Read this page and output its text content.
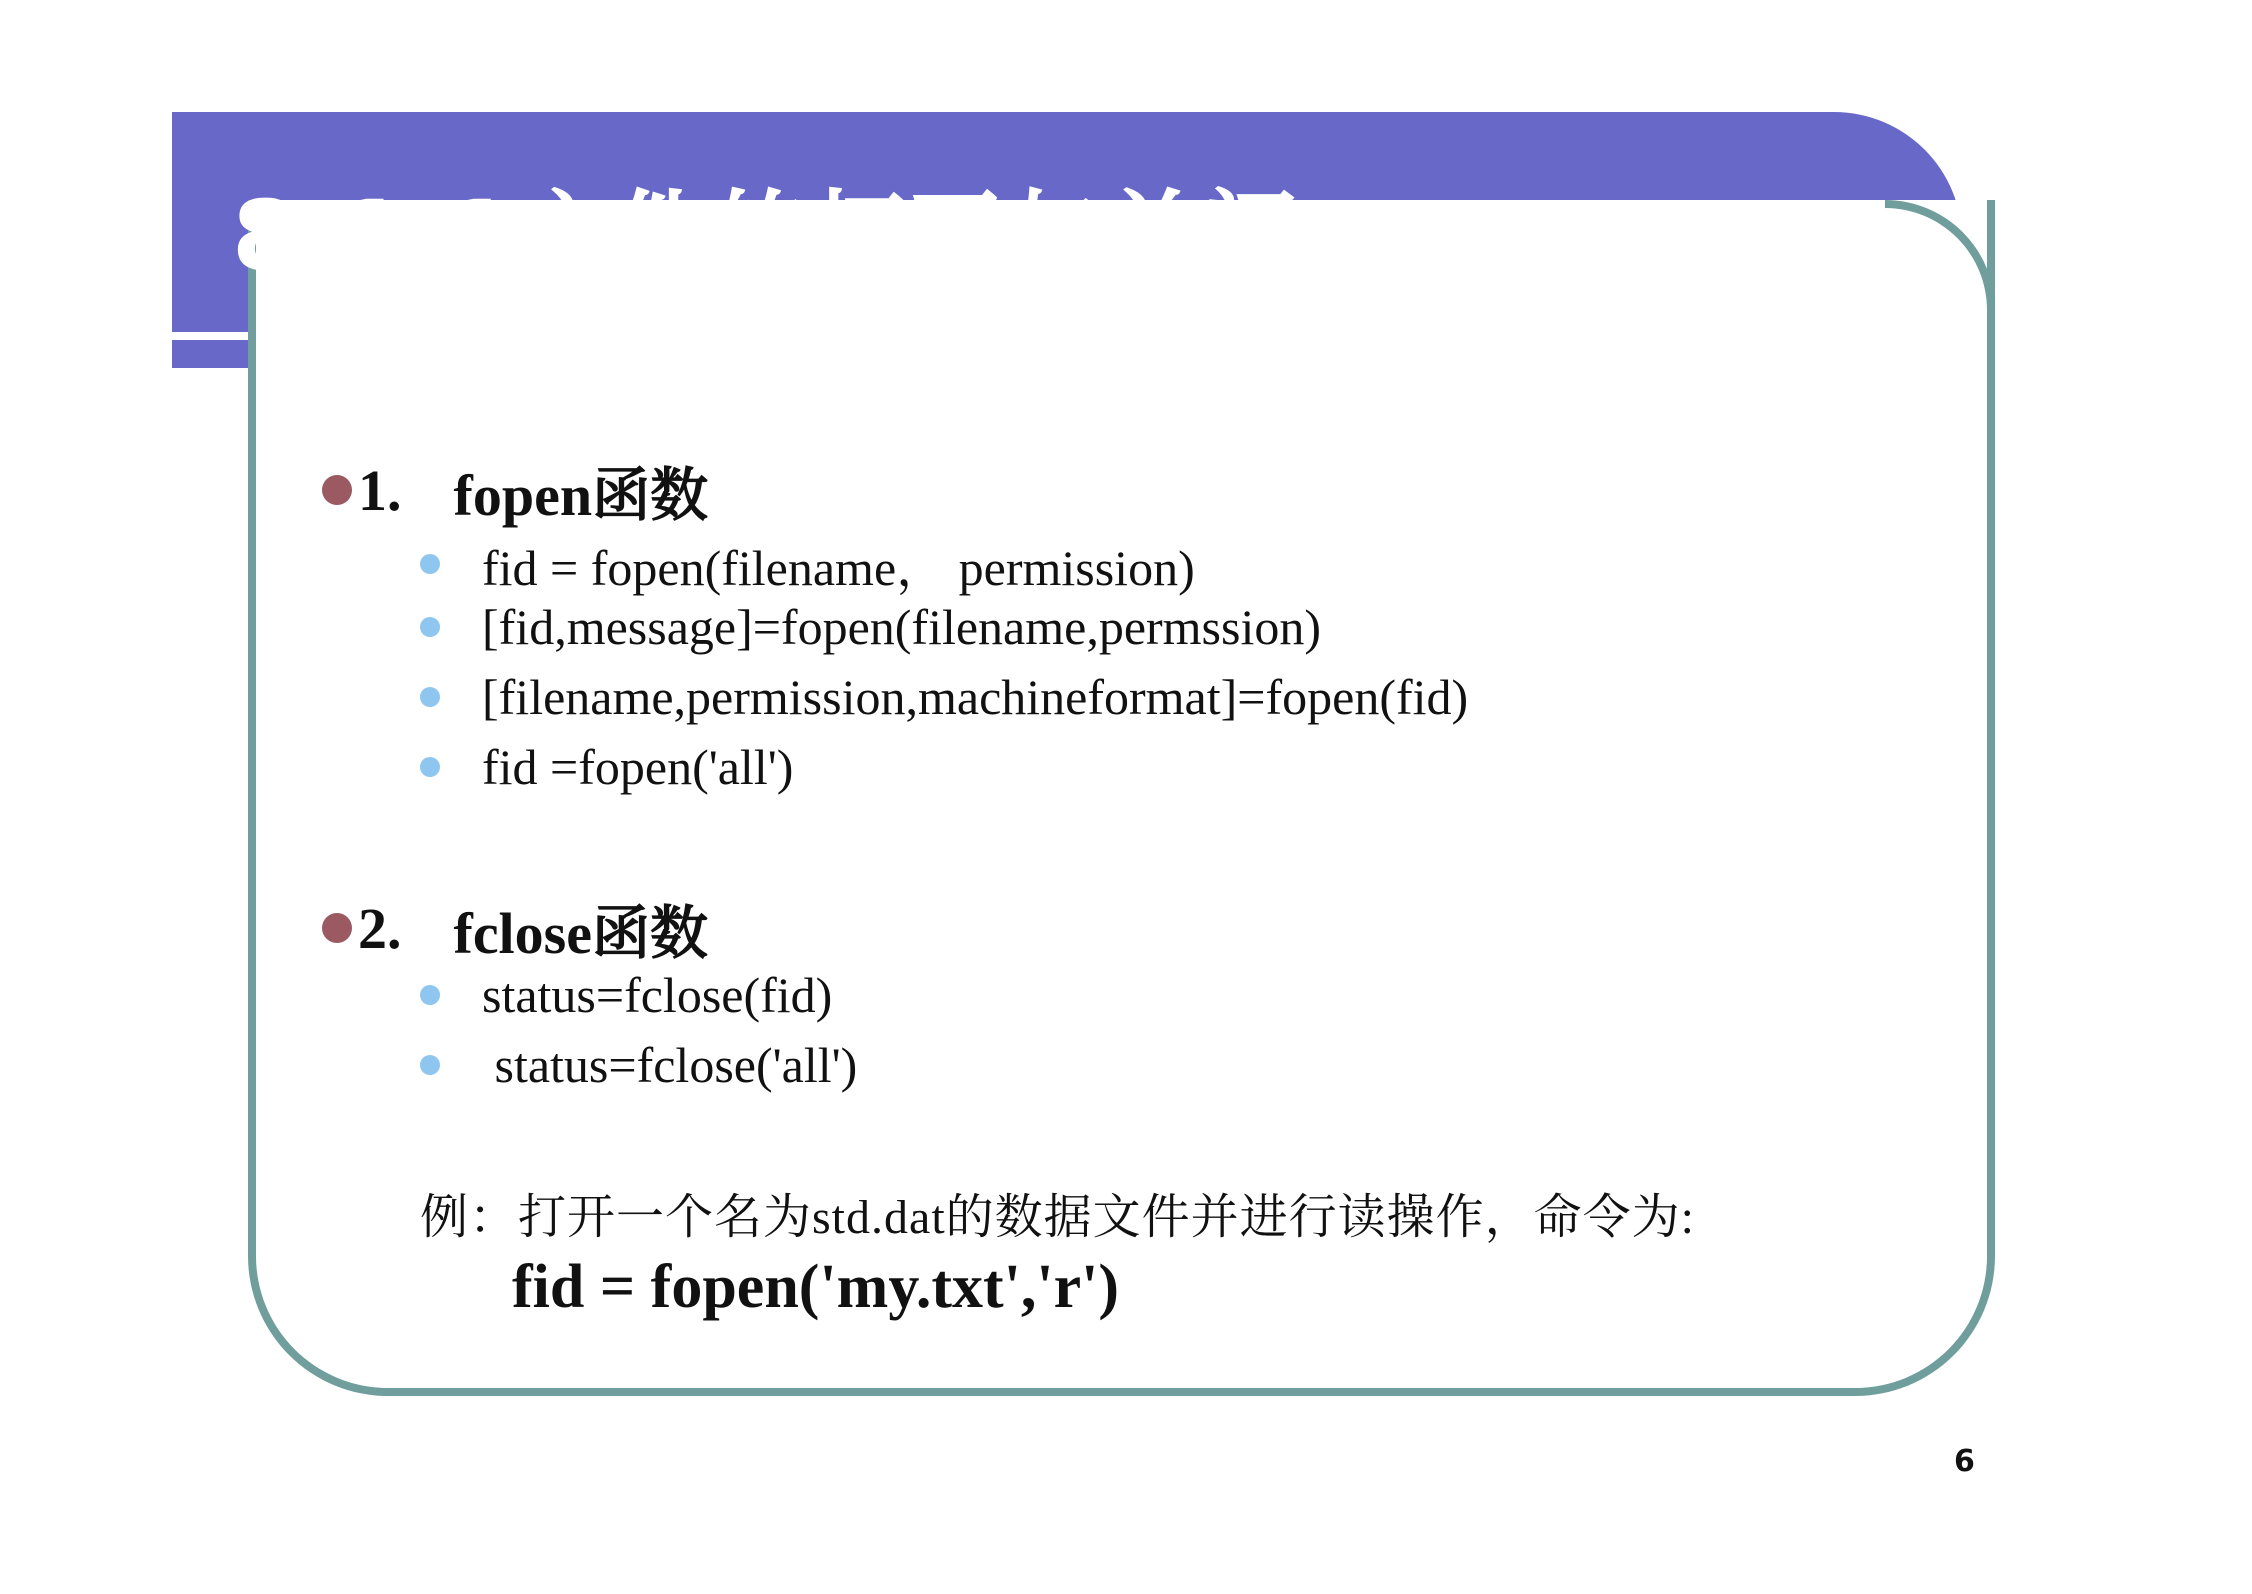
8.1.1文件的打开与关闭
1. fopen函数
fid = fopen(filename， permission)
[fid,message]=fopen(filename,permssion)
[filename,permission,machineformat]=fopen(fid)
fid =fopen('all')
2. fclose函数
status=fclose(fid)
status=fclose('all')
例：打开一个名为std.dat的数据文件并进行读操作，命令为:
fid = fopen('my.txt','r')
6
